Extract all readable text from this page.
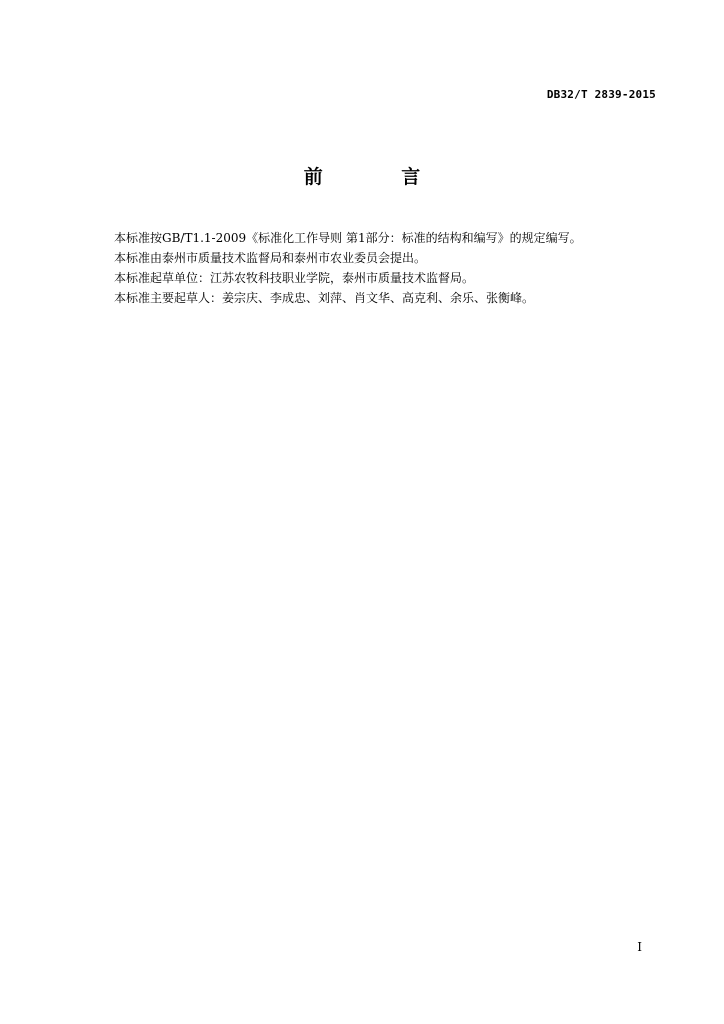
DB32/T 2839-2015
前 言

本标准按GB/T1.1-2009《标准化工作导则 第1部分：标准的结构和编写》的规定编写。

本标准由泰州市质量技术监督局和泰州市农业委员会提出。

本标准起草单位：江苏农牧科技职业学院，泰州市质量技术监督局。

本标准主要起草人：姜宗庆、李成忠、刘萍、肖文华、高克利、余乐、张衡峰。

I
